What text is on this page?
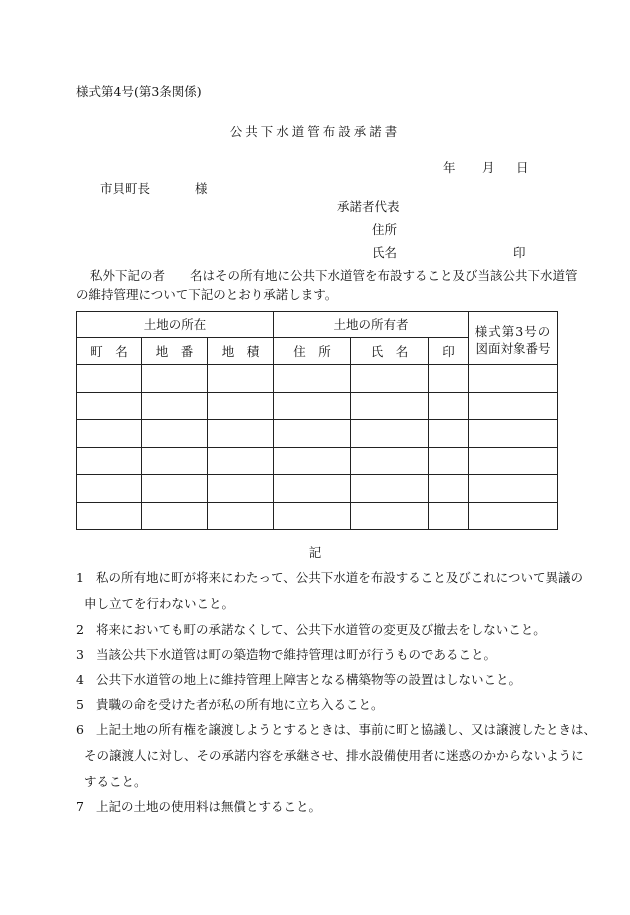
様式第4号(第3条関係)
公共下水道管布設承諾書
年 月 日
市貝町長	様
承諾者代表
住所
氏名	印
私外下記の者　　名はその所有地に公共下水道管を布設すること及び当該公共下水道管
の維持管理について下記のとおり承諾します。
土地の所在			土地の所有者			様式第3号の
図面対象番号

町　名	地　番	地　積	住　所	氏　名	印	

記
1 私の所有地に町が将来にわたって、公共下水道を布設すること及びこれについて異議の
申し立てを行わないこと。
2 将来においても町の承諾なくして、公共下水道管の変更及び撤去をしないこと。
3 当該公共下水道管は町の築造物で維持管理は町が行うものであること。
4 公共下水道管の地上に維持管理上障害となる構築物等の設置はしないこと。
5 貴職の命を受けた者が私の所有地に立ち入ること。
6 上記土地の所有権を譲渡しようとするときは、事前に町と協議し、又は譲渡したときは、
その譲渡人に対し、その承諾内容を承継させ、排水設備使用者に迷惑のかからないように
すること。
7 上記の土地の使用料は無償とすること。
